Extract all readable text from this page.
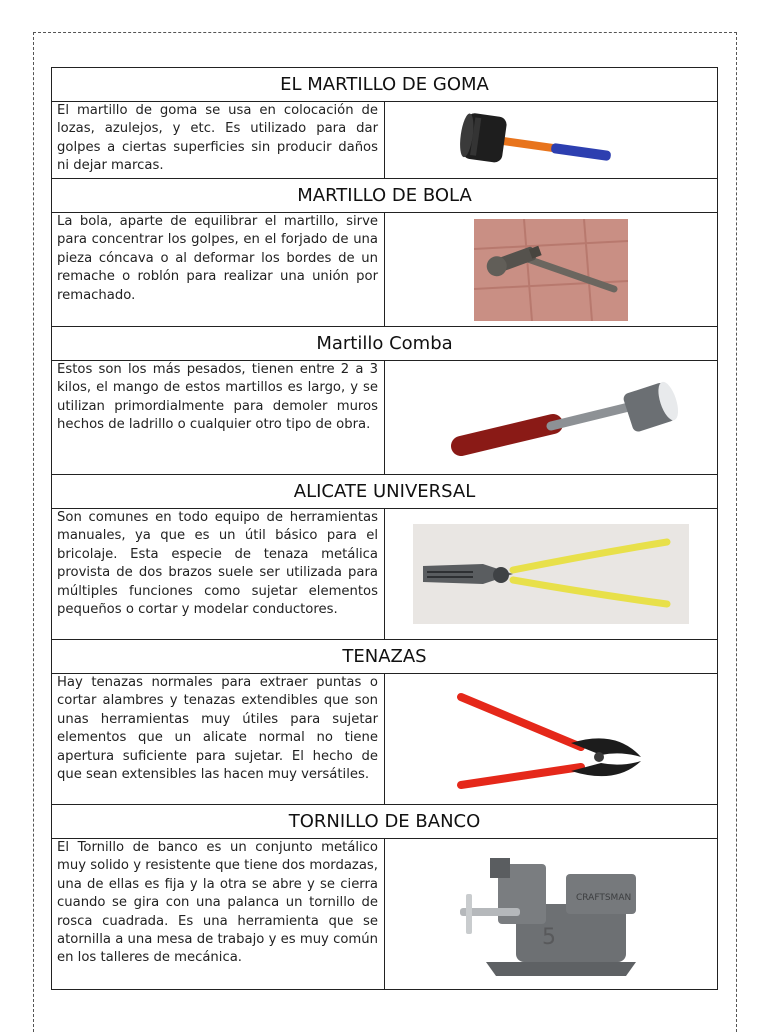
EL MARTILLO DE GOMA	
El martillo de goma se usa en colocación de lozas, azulejos, y etc. Es utilizado para dar golpes a ciertas superficies sin producir daños ni dejar marcas.	

MARTILLO DE BOLA	
La bola, aparte de equilibrar el martillo, sirve para concentrar los golpes, en el forjado de una pieza cóncava o al deformar los bordes de un remache o roblón para realizar una unión por remachado.	

Martillo Comba	
Estos son los más pesados, tienen entre 2 a 3 kilos, el mango de estos martillos es largo, y se utilizan primordialmente para demoler muros hechos de ladrillo o cualquier otro tipo de obra.	

ALICATE UNIVERSAL	
Son comunes en todo equipo de herramientas manuales, ya que es un útil básico para el bricolaje. Esta especie de tenaza metálica provista de dos brazos suele ser utilizada para múltiples funciones como sujetar elementos pequeños o cortar y modelar conductores.	

TENAZAS	
Hay tenazas normales para extraer puntas o cortar alambres y tenazas extendibles que son unas herramientas muy útiles para sujetar elementos que un alicate normal no tiene apertura suficiente para sujetar. El hecho de que sean extensibles las hacen muy versátiles.	

TORNILLO DE BANCO	
El Tornillo de banco es un conjunto metálico muy solido y resistente que tiene dos mordazas, una de ellas es fija y la otra se abre y se cierra cuando se gira con una palanca un tornillo de rosca cuadrada. Es una herramienta que se atornilla a una mesa de trabajo y es muy común en los talleres de mecánica.	CRAFTSMAN
5
